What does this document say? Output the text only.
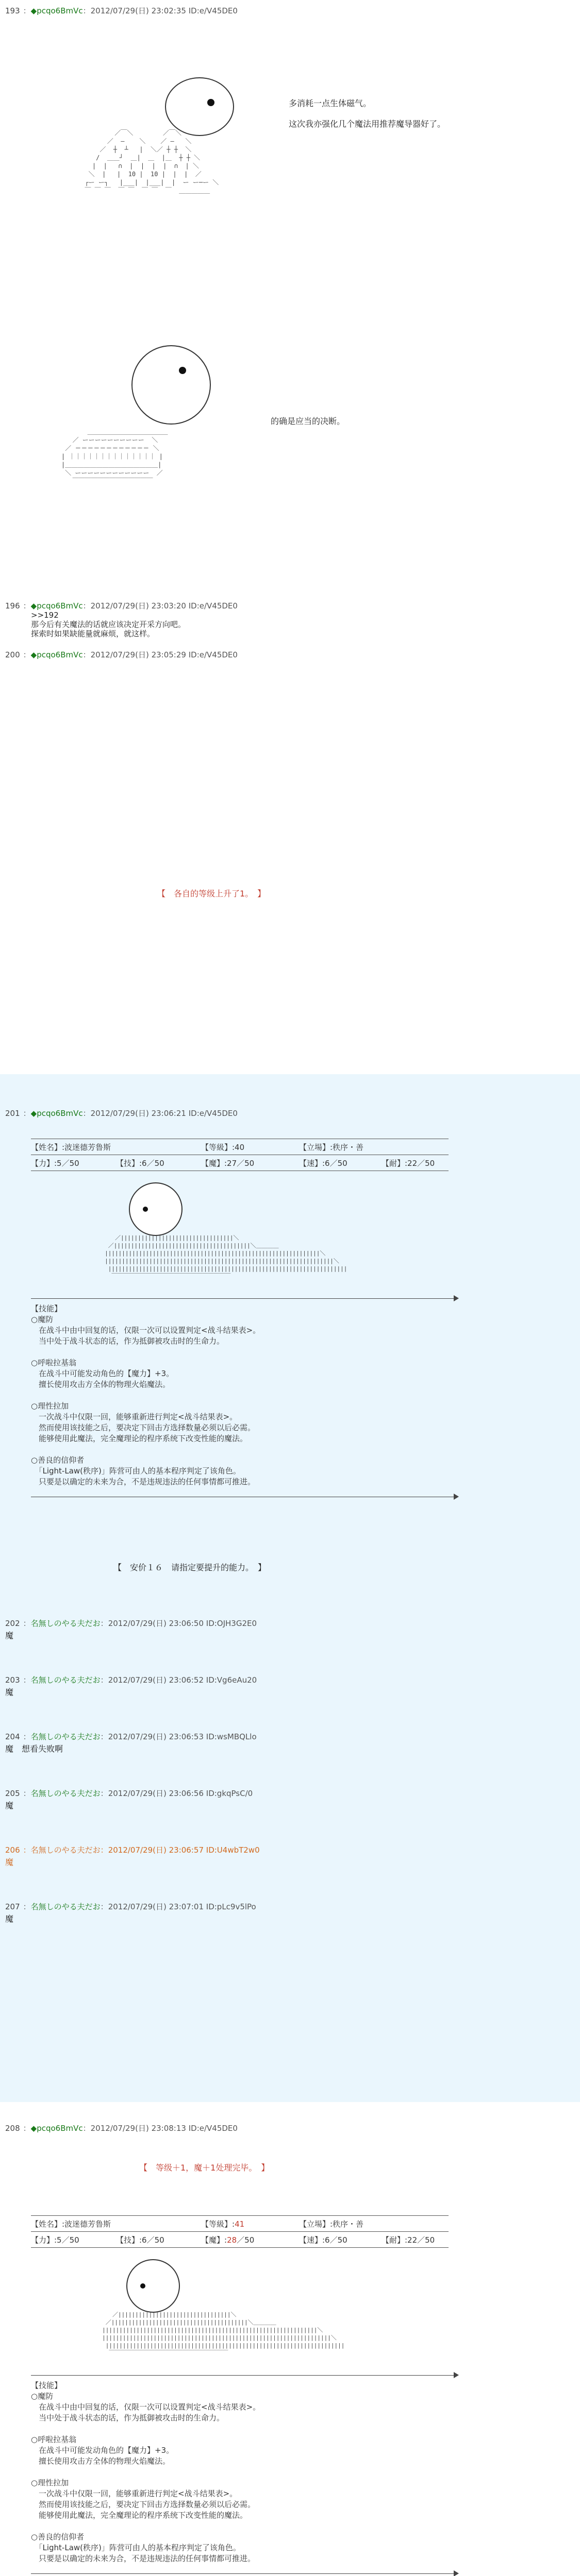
193 ：◆pcqo6BmVc：2012/07/29(日) 23:02:35 ID:e/V45DE0
／￣＼        ／￣＼
／  ―    ＼    ／ ―   ＼
／  ┼  ┴   |  ＼／ ┼ ┼  ＼
/  ＿＿┘  ＿|  ＿  |＿  ┼ ┼ ＼
|  |   ∩  |  |  |  |  ∩  | ＼
＼  |   |  10 |  10 |  |  |  ／
┌ー ー┐   |___|  |___|  |  ー ー─ー ＼
￣ ￣ ￣  ￣ ￣  ￣ ￣  ￣  ＿＿＿＿＿
多消耗一点生体磁气。
这次我亦强化几个魔法用推荐魔导器好了。
＿＿＿＿＿＿＿＿＿＿＿＿＿
／ ーーーーーーーーーー  ＼
／ ＝＝＝＝＝＝＝＝＝＝＝＝ ＼
| ｜｜｜｜｜｜｜｜｜｜｜｜｜｜ |
|＿＿＿＿＿＿＿＿＿＿＿＿＿＿＿|
＼ ーーーーーーーーーーーー  ／
￣￣￣￣￣￣￣￣￣￣￣￣￣
的确是应当的决断。
196 ：◆pcqo6BmVc：2012/07/29(日) 23:03:20 ID:e/V45DE0
>>192
那今后有关魔法的话就应该决定开采方向吧。
探索时如果缺能量就麻烦，就这样。
200 ：◆pcqo6BmVc：2012/07/29(日) 23:05:29 ID:e/V45DE0
【　各自的等级上升了1。　】
201 ：◆pcqo6BmVc：2012/07/29(日) 23:06:21 ID:e/V45DE0
【姓名】:波迷德芳鲁斯	【等級】:40	【立場】:秩序・善
【力】:5／50	【技】:6／50	【魔】:27／50	【速】:6／50	【耐】:22／50
／|||||||||||||||||||||||||||||||||＼
／||||||||||||||||||||||||||||||||||||||||＼＿＿＿＿
|||||||||||||||||||||||||||||||||||||||||||||||||||||||||||||||＼
|||||||||||||||||||||||||||||||||||||||||||||||||||||||||||||||||||＼
||||||||||||||||||||||||||||||||||||||||||||||||||||||||||||||||||||||
￣￣￣￣￣￣￣￣￣￣￣￣￣￣￣￣￣￣￣￣￣
【技能】
○魔防
　在战斗中由中回复的话，仅限一次可以设置判定<战斗结果表>。
　当中处于战斗状态的话，作为抵御被攻击时的生命力。

○呼啦拉基翁
　在战斗中可能发动角色的【魔力】+3。
　擅长使用攻击方全体的物理火焰魔法。

○理性拉加
　一次战斗中仅限一回，能够重新进行判定<战斗结果表>。
　然而使用该技能之后，要决定下回击方选择数量必须以后必需。
　能够使用此魔法，完全魔理论的程序系统下改变性能的魔法。

○善良的信仰者
　「Light-Law(秩序)」阵营可由人的基本程序判定了该角色。
　只要是以确定的未来为合，不是违规违法的任何事情都可推进。
【　安价１６　请指定要提升的能力。　】
202 ：名無しのやる夫だお：2012/07/29(日) 23:06:50 ID:OJH3G2E0
魔
203 ：名無しのやる夫だお：2012/07/29(日) 23:06:52 ID:Vg6eAu20
魔
204 ：名無しのやる夫だお：2012/07/29(日) 23:06:53 ID:wsMBQLlo
魔　想看失败啊
205 ：名無しのやる夫だお：2012/07/29(日) 23:06:56 ID:gkqPsC/0
魔
206 ：名無しのやる夫だお：2012/07/29(日) 23:06:57 ID:U4wbT2w0
魔
207 ：名無しのやる夫だお：2012/07/29(日) 23:07:01 ID:pLc9v5lPo
魔
208 ：◆pcqo6BmVc：2012/07/29(日) 23:08:13 ID:e/V45DE0
【　等级＋1，魔＋1处理完毕。　】
【姓名】:波迷德芳鲁斯	【等級】:41	【立場】:秩序・善
【力】:5／50	【技】:6／50	【魔】:28／50	【速】:6／50	【耐】:22／50
／|||||||||||||||||||||||||||||||||＼
／||||||||||||||||||||||||||||||||||||||||＼＿＿＿＿
|||||||||||||||||||||||||||||||||||||||||||||||||||||||||||||||＼
|||||||||||||||||||||||||||||||||||||||||||||||||||||||||||||||||||＼
||||||||||||||||||||||||||||||||||||||||||||||||||||||||||||||||||||||
￣￣￣￣￣￣￣￣￣￣￣￣￣￣￣￣￣￣￣￣￣
【技能】
○魔防
　在战斗中由中回复的话，仅限一次可以设置判定<战斗结果表>。
　当中处于战斗状态的话，作为抵御被攻击时的生命力。

○呼啦拉基翁
　在战斗中可能发动角色的【魔力】+3。
　擅长使用攻击方全体的物理火焰魔法。

○理性拉加
　一次战斗中仅限一回，能够重新进行判定<战斗结果表>。
　然而使用该技能之后，要决定下回击方选择数量必须以后必需。
　能够使用此魔法，完全魔理论的程序系统下改变性能的魔法。

○善良的信仰者
　「Light-Law(秩序)」阵营可由人的基本程序判定了该角色。
　只要是以确定的未来为合，不是违规违法的任何事情都可推进。
